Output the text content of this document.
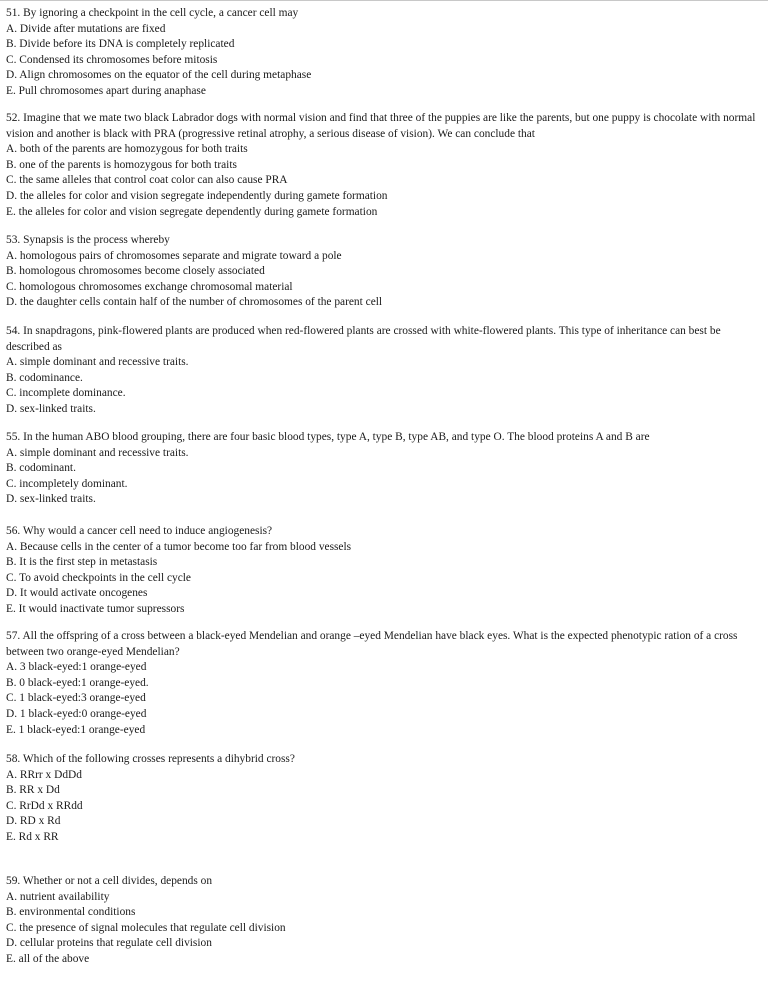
51. By ignoring a checkpoint in the cell cycle, a cancer cell may
A. Divide after mutations are fixed
B. Divide before its DNA is completely replicated
C. Condensed its chromosomes before mitosis
D. Align chromosomes on the equator of the cell during metaphase
E. Pull chromosomes apart during anaphase
52. Imagine that we mate two black Labrador dogs with normal vision and find that three of the puppies are like the parents, but one puppy is chocolate with normal vision and another is black with PRA (progressive retinal atrophy, a serious disease of vision). We can conclude that
A. both of the parents are homozygous for both traits
B. one of the parents is homozygous for both traits
C. the same alleles that control coat color can also cause PRA
D. the alleles for color and vision segregate independently during gamete formation
E. the alleles for color and vision segregate dependently during gamete formation
53. Synapsis is the process whereby
A. homologous pairs of chromosomes separate and migrate toward a pole
B. homologous chromosomes become closely associated
C. homologous chromosomes exchange chromosomal material
D. the daughter cells contain half of the number of chromosomes of the parent cell
54. In snapdragons, pink-flowered plants are produced when red-flowered plants are crossed with white-flowered plants. This type of inheritance can best be described as
A. simple dominant and recessive traits.
B. codominance.
C. incomplete dominance.
D. sex-linked traits.
55. In the human ABO blood grouping, there are four basic blood types, type A, type B, type AB, and type O. The blood proteins A and B are
A. simple dominant and recessive traits.
B. codominant.
C. incompletely dominant.
D. sex-linked traits.
56. Why would a cancer cell need to induce angiogenesis?
A. Because cells in the center of a tumor become too far from blood vessels
B. It is the first step in metastasis
C. To avoid checkpoints in the cell cycle
D. It would activate oncogenes
E. It would inactivate tumor supressors
57. All the offspring of a cross between a black-eyed Mendelian and orange –eyed Mendelian have black eyes. What is the expected phenotypic ration of a cross between two orange-eyed Mendelian?
A. 3 black-eyed:1 orange-eyed
B. 0 black-eyed:1 orange-eyed.
C. 1 black-eyed:3 orange-eyed
D. 1 black-eyed:0 orange-eyed
E. 1 black-eyed:1 orange-eyed
58. Which of the following crosses represents a dihybrid cross?
A. RRrr x DdDd
B. RR x Dd
C. RrDd x RRdd
D. RD x Rd
E. Rd x RR
59. Whether or not a cell divides, depends on
A. nutrient availability
B. environmental conditions
C. the presence of signal molecules that regulate cell division
D. cellular proteins that regulate cell division
E. all of the above
